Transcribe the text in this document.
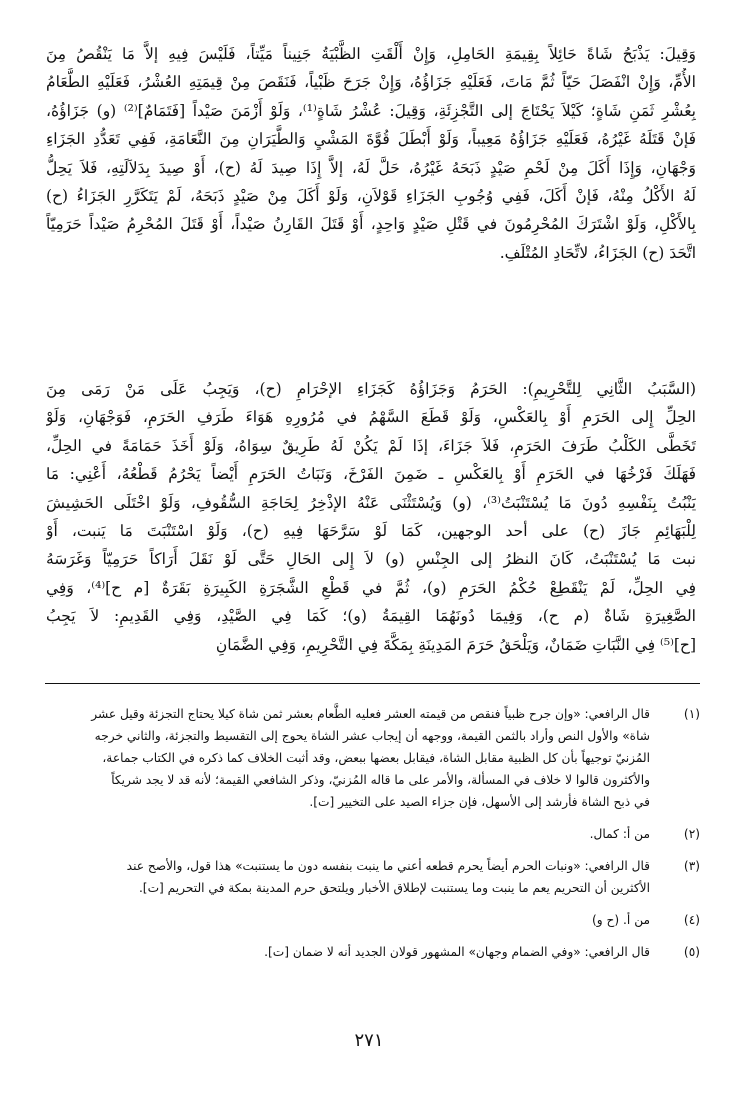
وَقِيلَ: يَذْبَحُ شَاةً حَائِلاً بِقِيمَةِ الحَامِلِ، وَإِنْ أَلْقَتِ الظَّبْيَةُ جَنِيناً مَيِّتاً، فَلَيْسَ فِيهِ إلاَّ مَا يَنْقُصُ مِنَ
الأُمِّ، وَإِنْ انْفَصَلَ حَيّاً ثُمَّ مَاتَ، فَعَلَيْهِ جَزَاؤُهُ، وَإِنْ جَرَحَ ظَبْياً، فَنَقَصَ مِنْ قِيمَتِهِ العُشْرُ، فَعَلَيْهِ الطَّعَامُ
بِعُشْرِ ثَمَنِ شَاةٍ؛ كَيْلاَ يَحْتَاجَ إلى التَّجْزِئَةِ، وَقِيلَ: عُشْرُ شَاةٍ⁽¹⁾، وَلَوْ أَزْمَنَ صَيْداً [فَتَمَامٌ]⁽²⁾ (و) جَزَاؤُهُ،
فَإنْ قَتَلَهُ غَيْرُهُ، فَعَلَيْهِ جَزَاؤُهُ مَعِيباً، وَلَوْ أَبْطَلَ قُوَّةَ المَشْيِ وَالطَّيَرَانِ مِنَ النَّعَامَةِ، فَفِي تَعَدُّدِ الجَزَاءِ
وَجْهَانِ، وَإِذَا أَكَلَ مِنْ لَحْمِ صَيْدٍ ذَبَحَهُ غَيْرُهُ، حَلَّ لَهُ، إلاَّ إِذَا صِيدَ لَهُ (ح)، أَوْ صِيدَ بِدَلاَلَتِهِ، فَلاَ يَحِلُّ
لَهُ الأَكْلُ مِنْهُ، فَإنْ أَكَلَ، فَفِي وُجُوبِ الجَزَاءِ قَوْلاَنِ، وَلَوْ أَكَلَ مِنْ صَيْدٍ ذَبَحَهُ، لَمْ يَتَكَرَّرِ الجَزَاءُ (ح)
بِالأَكْلِ، وَلَوْ اشْتَرَكَ المُحْرِمُونَ في قَتْلِ صَيْدٍ وَاحِدٍ، أَوْ قَتَلَ القَارِنُ صَيْداً، أَوْ قَتَلَ المُحْرِمُ صَيْداً حَرَمِيّاً
اتَّحَدَ (ح) الجَزَاءُ، لاتِّحَادِ المُتْلَفِ.
(السَّبَبُ الثَّانِي لِلتَّحْرِيمِ): الحَرَمُ وَجَزَاؤُهُ كَجَزَاءِ الإحْرَامِ (ح)، وَيَجِبُ عَلَى مَنْ رَمَى مِنَ
الحِلِّ إِلى الحَرَمِ أَوْ بِالعَكْسِ، وَلَوْ قَطَعَ السَّهْمُ في مُرُورِهِ هَوَاءَ طَرَفِ الحَرَمِ، فَوَجْهَانِ، وَلَوْ
تَخَطَّى الكَلْبُ طَرَفَ الحَرَمِ، فَلاَ جَزَاءَ، إذَا لَمْ يَكُنْ لَهُ طَرِيقٌ سِوَاهُ، وَلَوْ أَخَذَ حَمَامَةً في الحِلِّ،
فَهَلَكَ فَرْخُهَا في الحَرَمِ أَوْ بِالعَكْسِ ـ ضَمِنَ الفَرْخَ، وَنَبَاتُ الحَرَمِ أَيْضاً يَحْرُمُ قَطْعُهُ، أَعْنِي: مَا
يَنْبُتُ بِنَفْسِهِ دُونَ مَا يُسْتَنْبَتُ⁽³⁾، (و) وَيُسْتَثْنَى عَنْهُ الإذْخِرُ لِحَاجَةِ السُّقُوفِ، وَلَوْ اخْتَلَى الحَشِيشَ
لِلْبَهَائِمِ جَازَ (ح) على أحد الوجهين، كَمَا لَوْ سَرَّحَهَا فِيهِ (ح)، وَلَوْ اسْتَنْبَتَ مَا يَنبت، أَوْ
نبت مَا يُسْتَنْبَتُ، كَانَ النظرُ إلى الجِنْسِ (و) لاَ إِلى الحَالِ حَتَّى لَوْ نَقَلَ أَرَاكاً حَرَمِيّاً وَغَرَسَهُ
فِي الحِلِّ، لَمْ يَنْقَطِعْ حُكْمُ الحَرَمِ (و)، ثُمَّ في قَطْعِ الشَّجَرَةِ الكَبِيرَةِ بَقَرَةٌ [م ح]⁽⁴⁾، وَفِي
الصَّغِيرَةِ شَاةٌ (م ح)، وَفِيمَا دُونَهُمَا القِيمَةُ (و)؛ كَمَا فِي الصَّيْدِ، وَفِي القَدِيمِ: لاَ يَجِبُ
[ح]⁽⁵⁾ فِي النَّبَاتِ ضَمَانٌ، وَيَلْحَقُ حَرَمَ المَدِينَةِ بِمَكَّةَ فِي التَّحْرِيمِ، وَفِي الضَّمَانِ
(١)
قال الرافعي: «وإن جرح ظبياً فنقص من قيمته العشر فعليه الطَّعام بعشر ثمن شاة كيلا يحتاج التجزئة وقيل عشر
شاة» والأول النص وأراد بالثمن القيمة، ووجهه أن إيجاب عشر الشاة يحوج إلى التقسيط والتجزئة، والثاني خرجه
المُزنيّ توجيهاً بأن كل الظبية مقابل الشاة، فيقابل بعضها ببعض، وقد أثبت الخلاف كما ذكره في الكتاب جماعة،
والأكثرون قالوا لا خلاف في المسألة، والأمر على ما قاله المُزنيّ، وذكر الشافعي القيمة؛ لأنه قد لا يجد شريكاً
في ذبح الشاة فأرشد إلى الأسهل، فإن جزاء الصيد على التخيير [ت].
(٢)
من أ: كمال.
(٣)
قال الرافعي: «ونبات الحرم أيضاً يحرم قطعه أعني ما ينبت بنفسه دون ما يستنبت» هذا قول، والأصح عند
الأكثرين أن التحريم يعم ما ينبت وما يستنبت لإطلاق الأخبار ويلتحق حرم المدينة بمكة في التحريم [ت].
(٤)
من أ. (ح و)
(٥)
قال الرافعي: «وفي الضمام وجهان» المشهور قولان الجديد أنه لا ضمان [ت].
٢٧١
